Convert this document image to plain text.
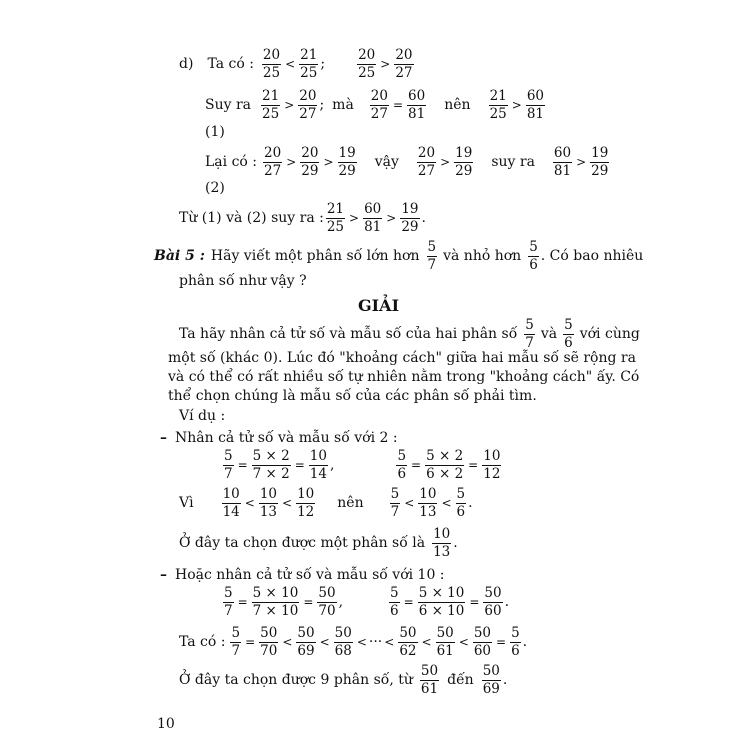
d) Ta có : $\frac{20}{25} < \frac{21}{25}$ ; $\frac{20}{25} > \frac{20}{27}$
Suy ra $\frac{21}{25} > \frac{20}{27}$ ; mà $\frac{20}{27} = \frac{60}{81}$ nên $\frac{21}{25} > \frac{60}{81}$
(1)
Lại có : $\frac{20}{27} > \frac{20}{29} > \frac{19}{29}$ vậy $\frac{20}{27} > \frac{19}{29}$ suy ra $\frac{60}{81} > \frac{19}{29}$
(2)
Từ (1) và (2) suy ra : $\frac{21}{25} > \frac{60}{81} > \frac{19}{29}$ .
Bài 5 : Hãy viết một phân số lớn hơn $\frac{5}{7}$ và nhỏ hơn $\frac{5}{6}$ . Có bao nhiêu
phân số như vậy ?
GIẢI
Ta hãy nhân cả tử số và mẫu số của hai phân số $\frac{5}{7}$ và $\frac{5}{6}$ với cùng
một số (khác 0). Lúc đó "khoảng cách" giữa hai mẫu số sẽ rộng ra
và có thể có rất nhiều số tự nhiên nằm trong "khoảng cách" ấy. Có
thể chọn chúng là mẫu số của các phân số phải tìm.
Ví dụ :
– Nhân cả tử số và mẫu số với 2 :
$\frac{5}{7} = \frac{5 \times 2}{7 \times 2} = \frac{10}{14}$ ,	$\frac{5}{6} = \frac{5 \times 2}{6 \times 2} = \frac{10}{12}$
Vì $\frac{10}{14} < \frac{10}{13} < \frac{10}{12}$ nên $\frac{5}{7} < \frac{10}{13} < \frac{5}{6}$ .
Ở đây ta chọn được một phân số là $\frac{10}{13}$ .
– Hoặc nhân cả tử số và mẫu số với 10 :
$\frac{5}{7} = \frac{5 \times 10}{7 \times 10} = \frac{50}{70}$ ,	$\frac{5}{6} = \frac{5 \times 10}{6 \times 10} = \frac{50}{60}$ .
Ta có : $\frac{5}{7} = \frac{50}{70} < \frac{50}{69} < \frac{50}{68}$ < ··· < $\frac{50}{62} < \frac{50}{61} < \frac{50}{60} = \frac{5}{6}$ .
Ở đây ta chọn được 9 phân số, từ $\frac{50}{61}$ đến $\frac{50}{69}$ .
10
